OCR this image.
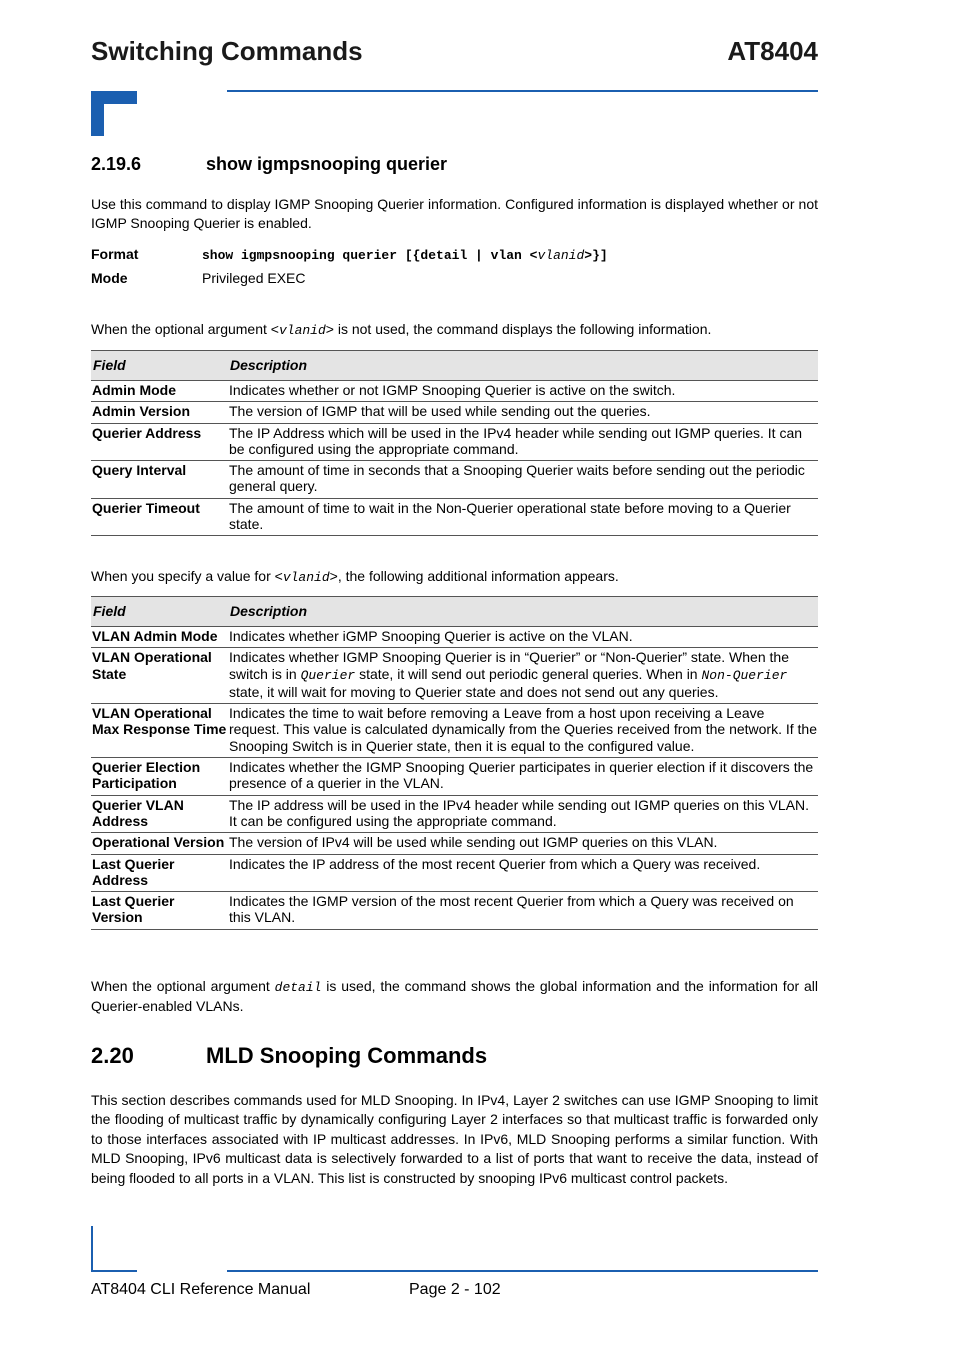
Switching Commands	AT8404
2.19.6	show igmpsnooping querier
Use this command to display IGMP Snooping Querier information. Configured information is displayed whether or not IGMP Snooping Querier is enabled.
Format	show igmpsnooping querier [{detail | vlan <vlanid>}]
Mode	Privileged EXEC
When the optional argument <vlanid> is not used, the command displays the following information.
Field	Description
Admin Mode	Indicates whether or not IGMP Snooping Querier is active on the switch.
Admin Version	The version of IGMP that will be used while sending out the queries.
Querier Address	The IP Address which will be used in the IPv4 header while sending out IGMP queries. It can be configured using the appropriate command.
Query Interval	The amount of time in seconds that a Snooping Querier waits before sending out the periodic general query.
Querier Timeout	The amount of time to wait in the Non-Querier operational state before moving to a Querier state.
When you specify a value for <vlanid>, the following additional information appears.
Field	Description
VLAN Admin Mode	Indicates whether iGMP Snooping Querier is active on the VLAN.
VLAN Operational State	Indicates whether IGMP Snooping Querier is in “Querier” or “Non-Querier” state. When the switch is in Querier state, it will send out periodic general queries. When in Non-Querier state, it will wait for moving to Querier state and does not send out any queries.
VLAN Operational Max Response Time	Indicates the time to wait before removing a Leave from a host upon receiving a Leave request. This value is calculated dynamically from the Queries received from the network. If the Snooping Switch is in Querier state, then it is equal to the configured value.
Querier Election Participation	Indicates whether the IGMP Snooping Querier participates in querier election if it discovers the presence of a querier in the VLAN.
Querier VLAN Address	The IP address will be used in the IPv4 header while sending out IGMP queries on this VLAN. It can be configured using the appropriate command.
Operational Version	The version of IPv4 will be used while sending out IGMP queries on this VLAN.
Last Querier Address	Indicates the IP address of the most recent Querier from which a Query was received.
Last Querier Version	Indicates the IGMP version of the most recent Querier from which a Query was received on this VLAN.
When the optional argument detail is used, the command shows the global information and the information for all Querier-enabled VLANs.
2.20	MLD Snooping Commands
This section describes commands used for MLD Snooping. In IPv4, Layer 2 switches can use IGMP Snooping to limit the flooding of multicast traffic by dynamically configuring Layer 2 interfaces so that multicast traffic is forwarded only to those interfaces associated with IP multicast addresses. In IPv6, MLD Snooping performs a similar function. With MLD Snooping, IPv6 multicast data is selectively forwarded to a list of ports that want to receive the data, instead of being flooded to all ports in a VLAN. This list is constructed by snooping IPv6 multicast control packets.
AT8404 CLI Reference Manual	Page 2 - 102
